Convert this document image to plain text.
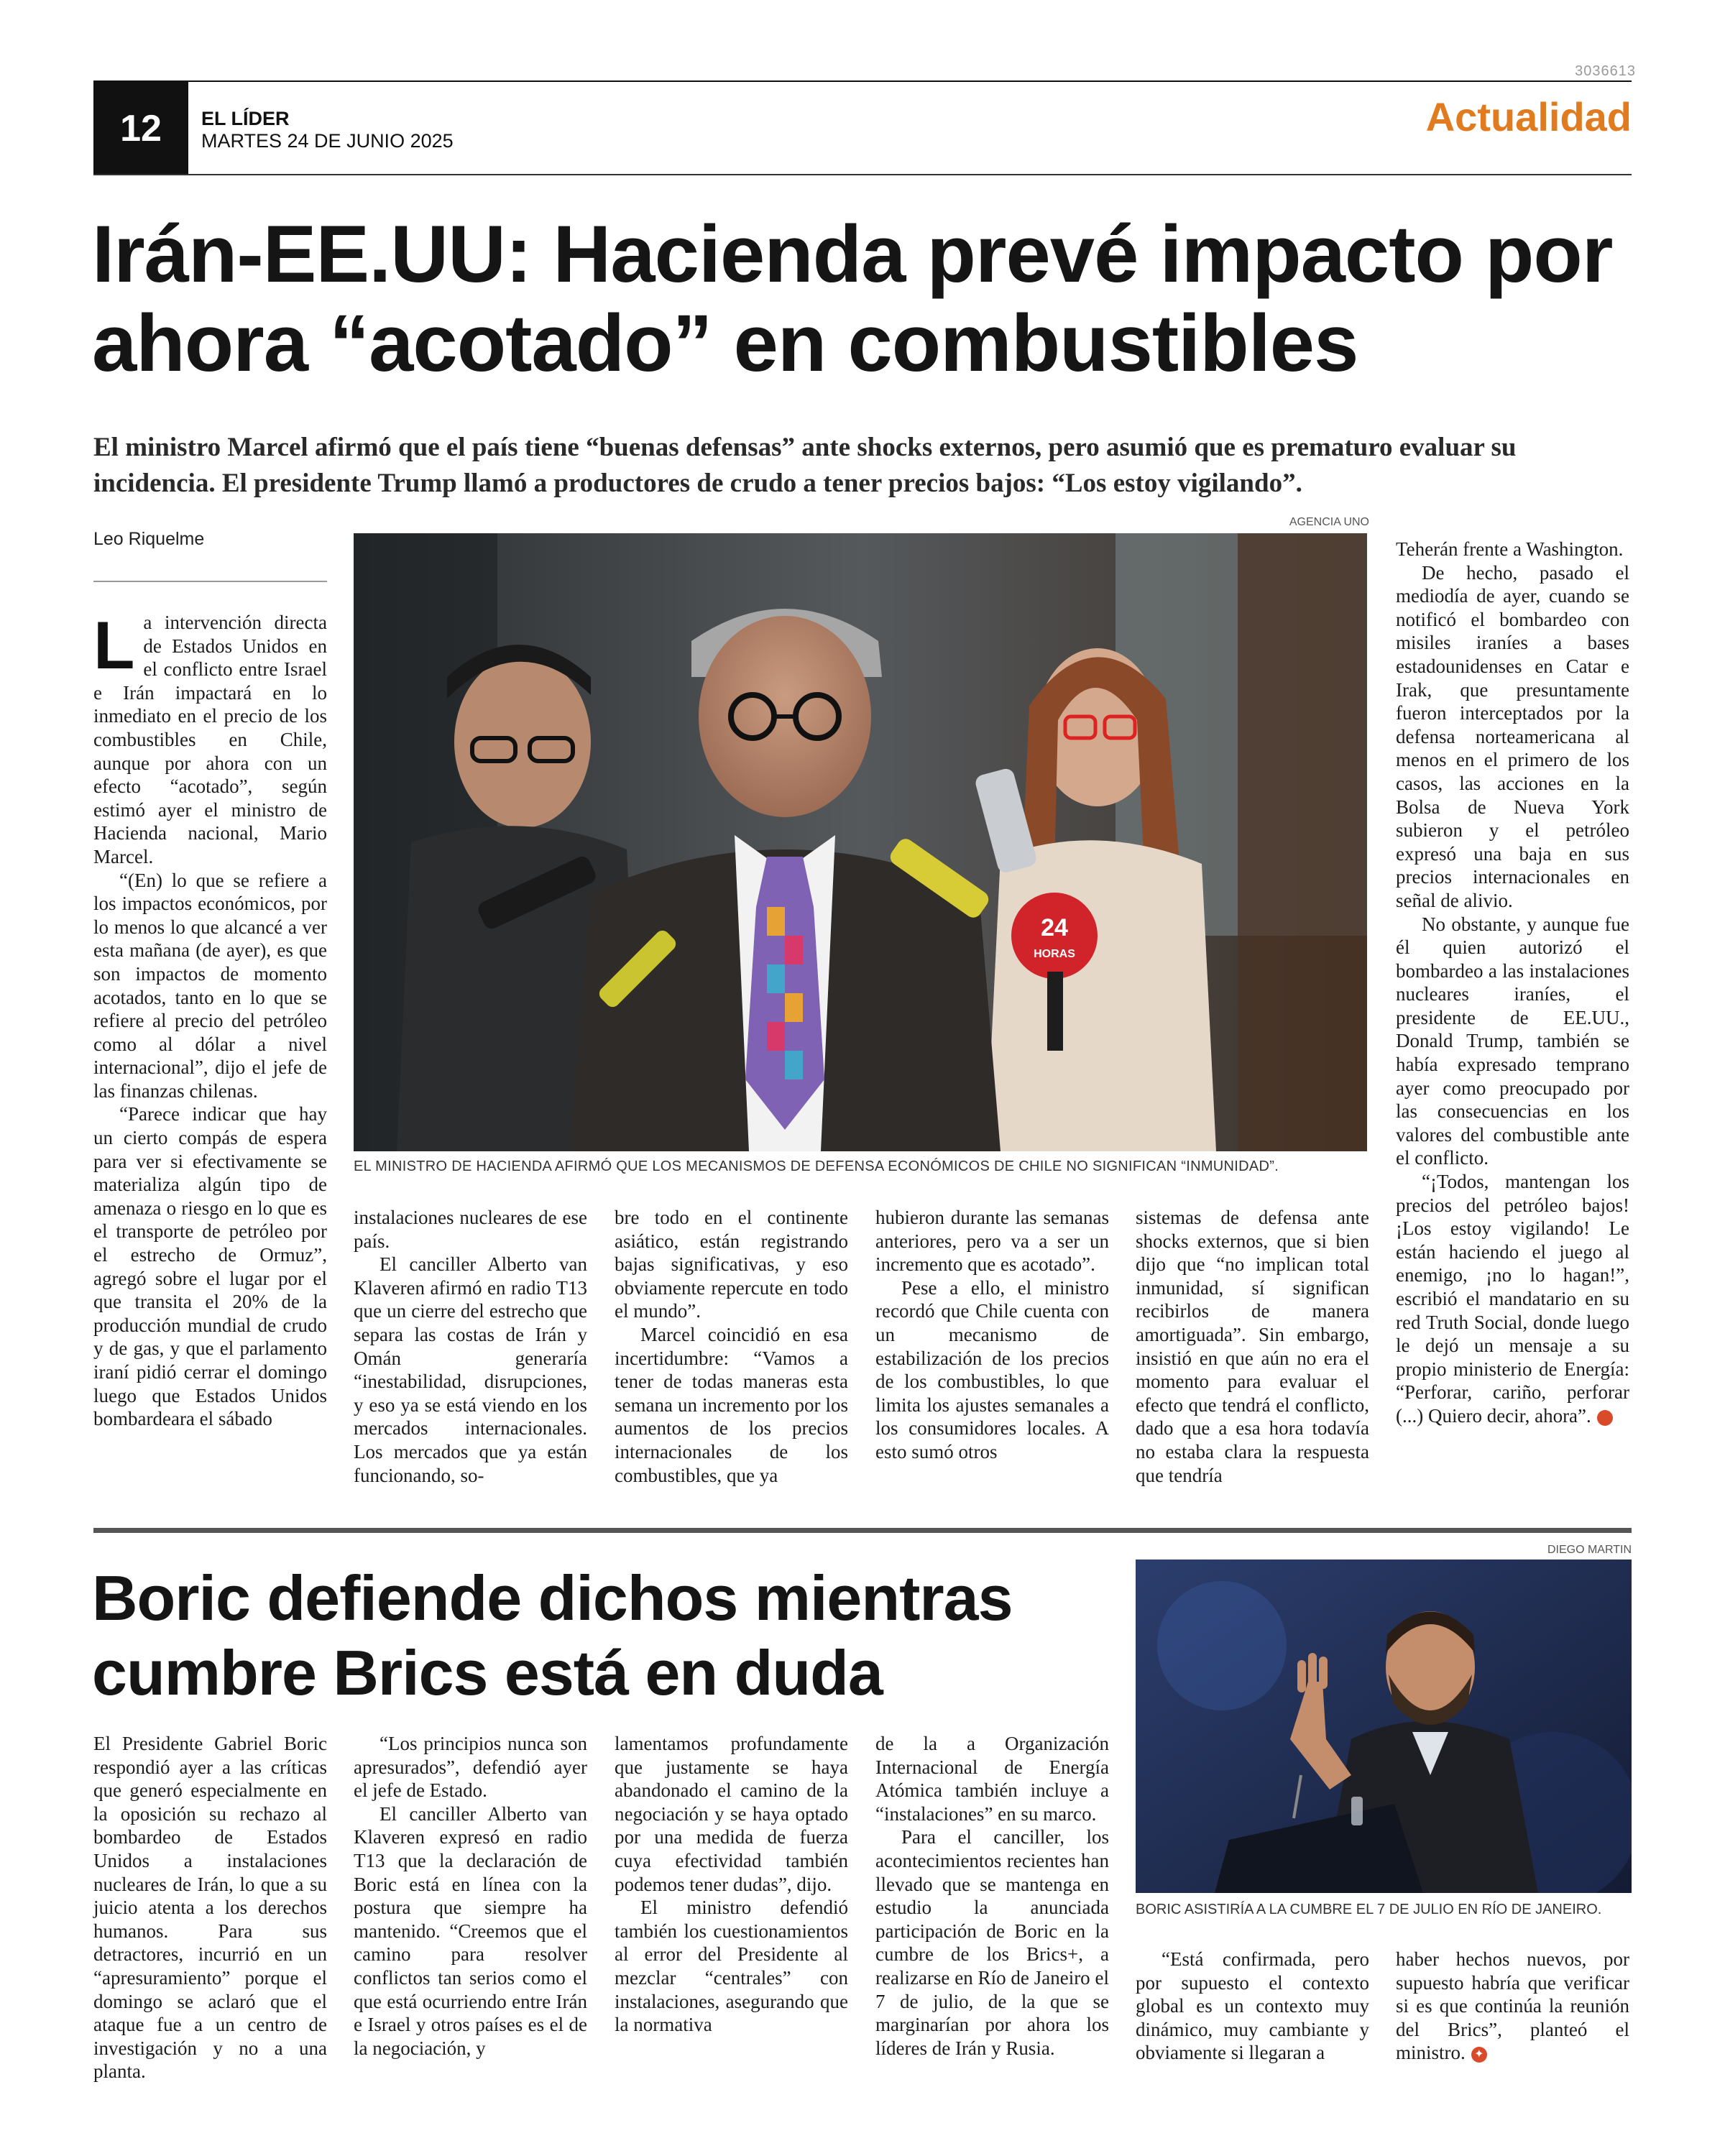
3036613
12	EL LÍDER
MARTES 24 DE JUNIO 2025
Actualidad
Irán-EE.UU: Hacienda prevé impacto por ahora “acotado” en combustibles
El ministro Marcel afirmó que el país tiene “buenas defensas” ante shocks externos, pero asumió que es prematuro evaluar su incidencia. El presidente Trump llamó a productores de crudo a tener precios bajos: “Los estoy vigilando”.
Leo Riquelme

La intervención directa de Estados Unidos en el conflicto entre Israel e Irán impactará en lo inmediato en el precio de los combustibles en Chile, aunque por ahora con un efecto “acotado”, según estimó ayer el ministro de Hacienda nacional, Mario Marcel.

“(En) lo que se refiere a los impactos económicos, por lo menos lo que alcancé a ver esta mañana (de ayer), es que son impactos de momento acotados, tanto en lo que se refiere al precio del petróleo como al dólar a nivel internacional”, dijo el jefe de las finanzas chilenas.

“Parece indicar que hay un cierto compás de espera para ver si efectivamente se materializa algún tipo de amenaza o riesgo en lo que es el transporte de petróleo por el estrecho de Ormuz”, agregó sobre el lugar por el que transita el 20% de la producción mundial de crudo y de gas, y que el parlamento iraní pidió cerrar el domingo luego que Estados Unidos bombardeara el sábado

AGENCIA UNO
24
HORAS
EL MINISTRO DE HACIENDA AFIRMÓ QUE LOS MECANISMOS DE DEFENSA ECONÓMICOS DE CHILE NO SIGNIFICAN “INMUNIDAD”.

instalaciones nucleares de ese país.

El canciller Alberto van Klaveren afirmó en radio T13 que un cierre del estrecho que separa las costas de Irán y Omán generaría “inestabilidad, disrupciones, y eso ya se está viendo en los mercados internacionales. Los mercados que ya están funcionando, so-

bre todo en el continente asiático, están registrando bajas significativas, y eso obviamente repercute en todo el mundo”.

Marcel coincidió en esa incertidumbre: “Vamos a tener de todas maneras esta semana un incremento por los aumentos de los precios internacionales de los combustibles, que ya

hubieron durante las semanas anteriores, pero va a ser un incremento que es acotado”.

Pese a ello, el ministro recordó que Chile cuenta con un mecanismo de estabilización de los precios de los combustibles, lo que limita los ajustes semanales a los consumidores locales. A esto sumó otros

sistemas de defensa ante shocks externos, que si bien dijo que “no implican total inmunidad, sí significan recibirlos de manera amortiguada”. Sin embargo, insistió en que aún no era el momento para evaluar el efecto que tendrá el conflicto, dado que a esa hora todavía no estaba clara la respuesta que tendría

Teherán frente a Washington.

De hecho, pasado el mediodía de ayer, cuando se notificó el bombardeo con misiles iraníes a bases estadounidenses en Catar e Irak, que presuntamente fueron interceptados por la defensa norteamericana al menos en el primero de los casos, las acciones en la Bolsa de Nueva York subieron y el petróleo expresó una baja en sus precios internacionales en señal de alivio.

No obstante, y aunque fue él quien autorizó el bombardeo a las instalaciones nucleares iraníes, el presidente de EE.UU., Donald Trump, también se había expresado temprano ayer como preocupado por las consecuencias en los valores del combustible ante el conflicto.

“¡Todos, mantengan los precios del petróleo bajos! ¡Los estoy vigilando! Le están haciendo el juego al enemigo, ¡no lo hagan!”, escribió el mandatario en su red Truth Social, donde luego le dejó un mensaje a su propio ministerio de Energía: “Perforar, cariño, perforar (...) Quiero decir, ahora”.	✦

Boric defiende dichos mientras cumbre Brics está en duda
DIEGO MARTIN
BORIC ASISTIRÍA A LA CUMBRE EL 7 DE JULIO EN RÍO DE JANEIRO.

El Presidente Gabriel Boric respondió ayer a las críticas que generó especialmente en la oposición su rechazo al bombardeo de Estados Unidos a instalaciones nucleares de Irán, lo que a su juicio atenta a los derechos humanos. Para sus detractores, incurrió en un “apresuramiento” porque el domingo se aclaró que el ataque fue a un centro de investigación y no a una planta.

“Los principios nunca son apresurados”, defendió ayer el jefe de Estado.

El canciller Alberto van Klaveren expresó en radio T13 que la declaración de Boric está en línea con la postura que siempre ha mantenido. “Creemos que el camino para resolver conflictos tan serios como el que está ocurriendo entre Irán e Israel y otros países es el de la negociación, y

lamentamos profundamente que justamente se haya abandonado el camino de la negociación y se haya optado por una medida de fuerza cuya efectividad también podemos tener dudas”, dijo.

El ministro defendió también los cuestionamientos al error del Presidente al mezclar “centrales” con instalaciones, asegurando que la normativa

de la a Organización Internacional de Energía Atómica también incluye a “instalaciones” en su marco.

Para el canciller, los acontecimientos recientes han llevado que se mantenga en estudio la anunciada participación de Boric en la cumbre de los Brics+, a realizarse en Río de Janeiro el 7 de julio, de la que se marginarían por ahora los líderes de Irán y Rusia.

“Está confirmada, pero por supuesto el contexto global es un contexto muy dinámico, muy cambiante y obviamente si llegaran a

haber hechos nuevos, por supuesto habría que verificar si es que continúa la reunión del Brics”, planteó el ministro. ✦
